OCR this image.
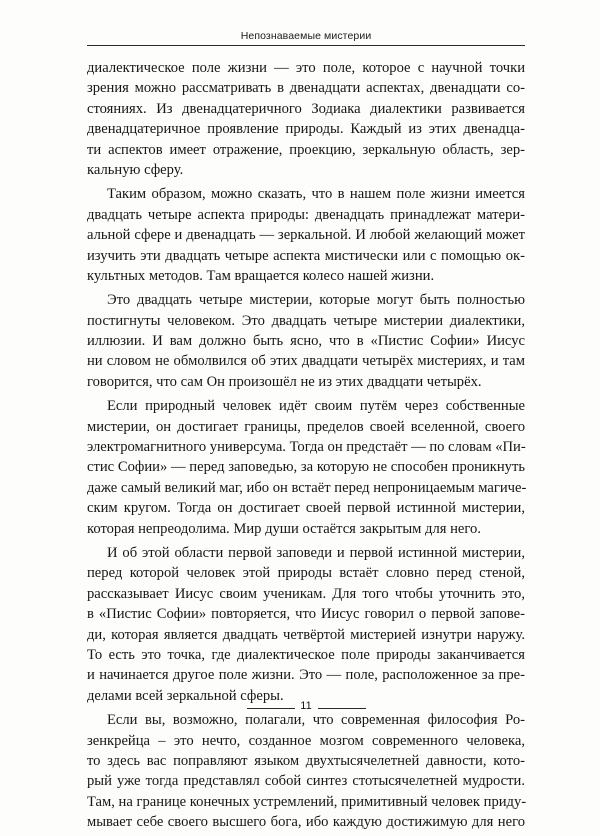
Непознаваемые мистерии
диалектическое поле жизни — это поле, которое с научной точки
зрения можно рассматривать в двенадцати аспектах, двенадцати со-
стояниях. Из двенадцатеричного Зодиака диалектики развивается
двенадцатеричное проявление природы. Каждый из этих двенадца-
ти аспектов имеет отражение, проекцию, зеркальную область, зер-
кальную сферу.
Таким образом, можно сказать, что в нашем поле жизни имеется
двадцать четыре аспекта природы: двенадцать принадлежат матери-
альной сфере и двенадцать — зеркальной. И любой желающий может
изучить эти двадцать четыре аспекта мистически или с помощью ок-
культных методов. Там вращается колесо нашей жизни.
Это двадцать четыре мистерии, которые могут быть полностью
постигнуты человеком. Это двадцать четыре мистерии диалектики,
иллюзии. И вам должно быть ясно, что в «Пистис Софии» Иисус
ни словом не обмолвился об этих двадцати четырёх мистериях, и там
говорится, что сам Он произошёл не из этих двадцати четырёх.
Если природный человек идёт своим путём через собственные
мистерии, он достигает границы, пределов своей вселенной, своего
электромагнитного универсума. Тогда он предстаёт — по словам «Пи-
стис Софии» — перед заповедью, за которую не способен проникнуть
даже самый великий маг, ибо он встаёт перед непроницаемым магиче-
ским кругом. Тогда он достигает своей первой истинной мистерии,
которая непреодолима. Мир души остаётся закрытым для него.
И об этой области первой заповеди и первой истинной мистерии,
перед которой человек этой природы встаёт словно перед стеной,
рассказывает Иисус своим ученикам. Для того чтобы уточнить это,
в «Пистис Софии» повторяется, что Иисус говорил о первой запове-
ди, которая является двадцать четвёртой мистерией изнутри наружу.
То есть это точка, где диалектическое поле природы заканчивается
и начинается другое поле жизни. Это — поле, расположенное за пре-
делами всей зеркальной сферы.
Если вы, возможно, полагали, что современная философия Ро-
зенкрейца – это нечто, созданное мозгом современного человека,
то здесь вас поправляют языком двухтысячелетней давности, кото-
рый уже тогда представлял собой синтез стотысячелетней мудрости.
Там, на границе конечных устремлений, примитивный человек приду-
мывает себе своего высшего бога, ибо каждую достижимую для него
11
